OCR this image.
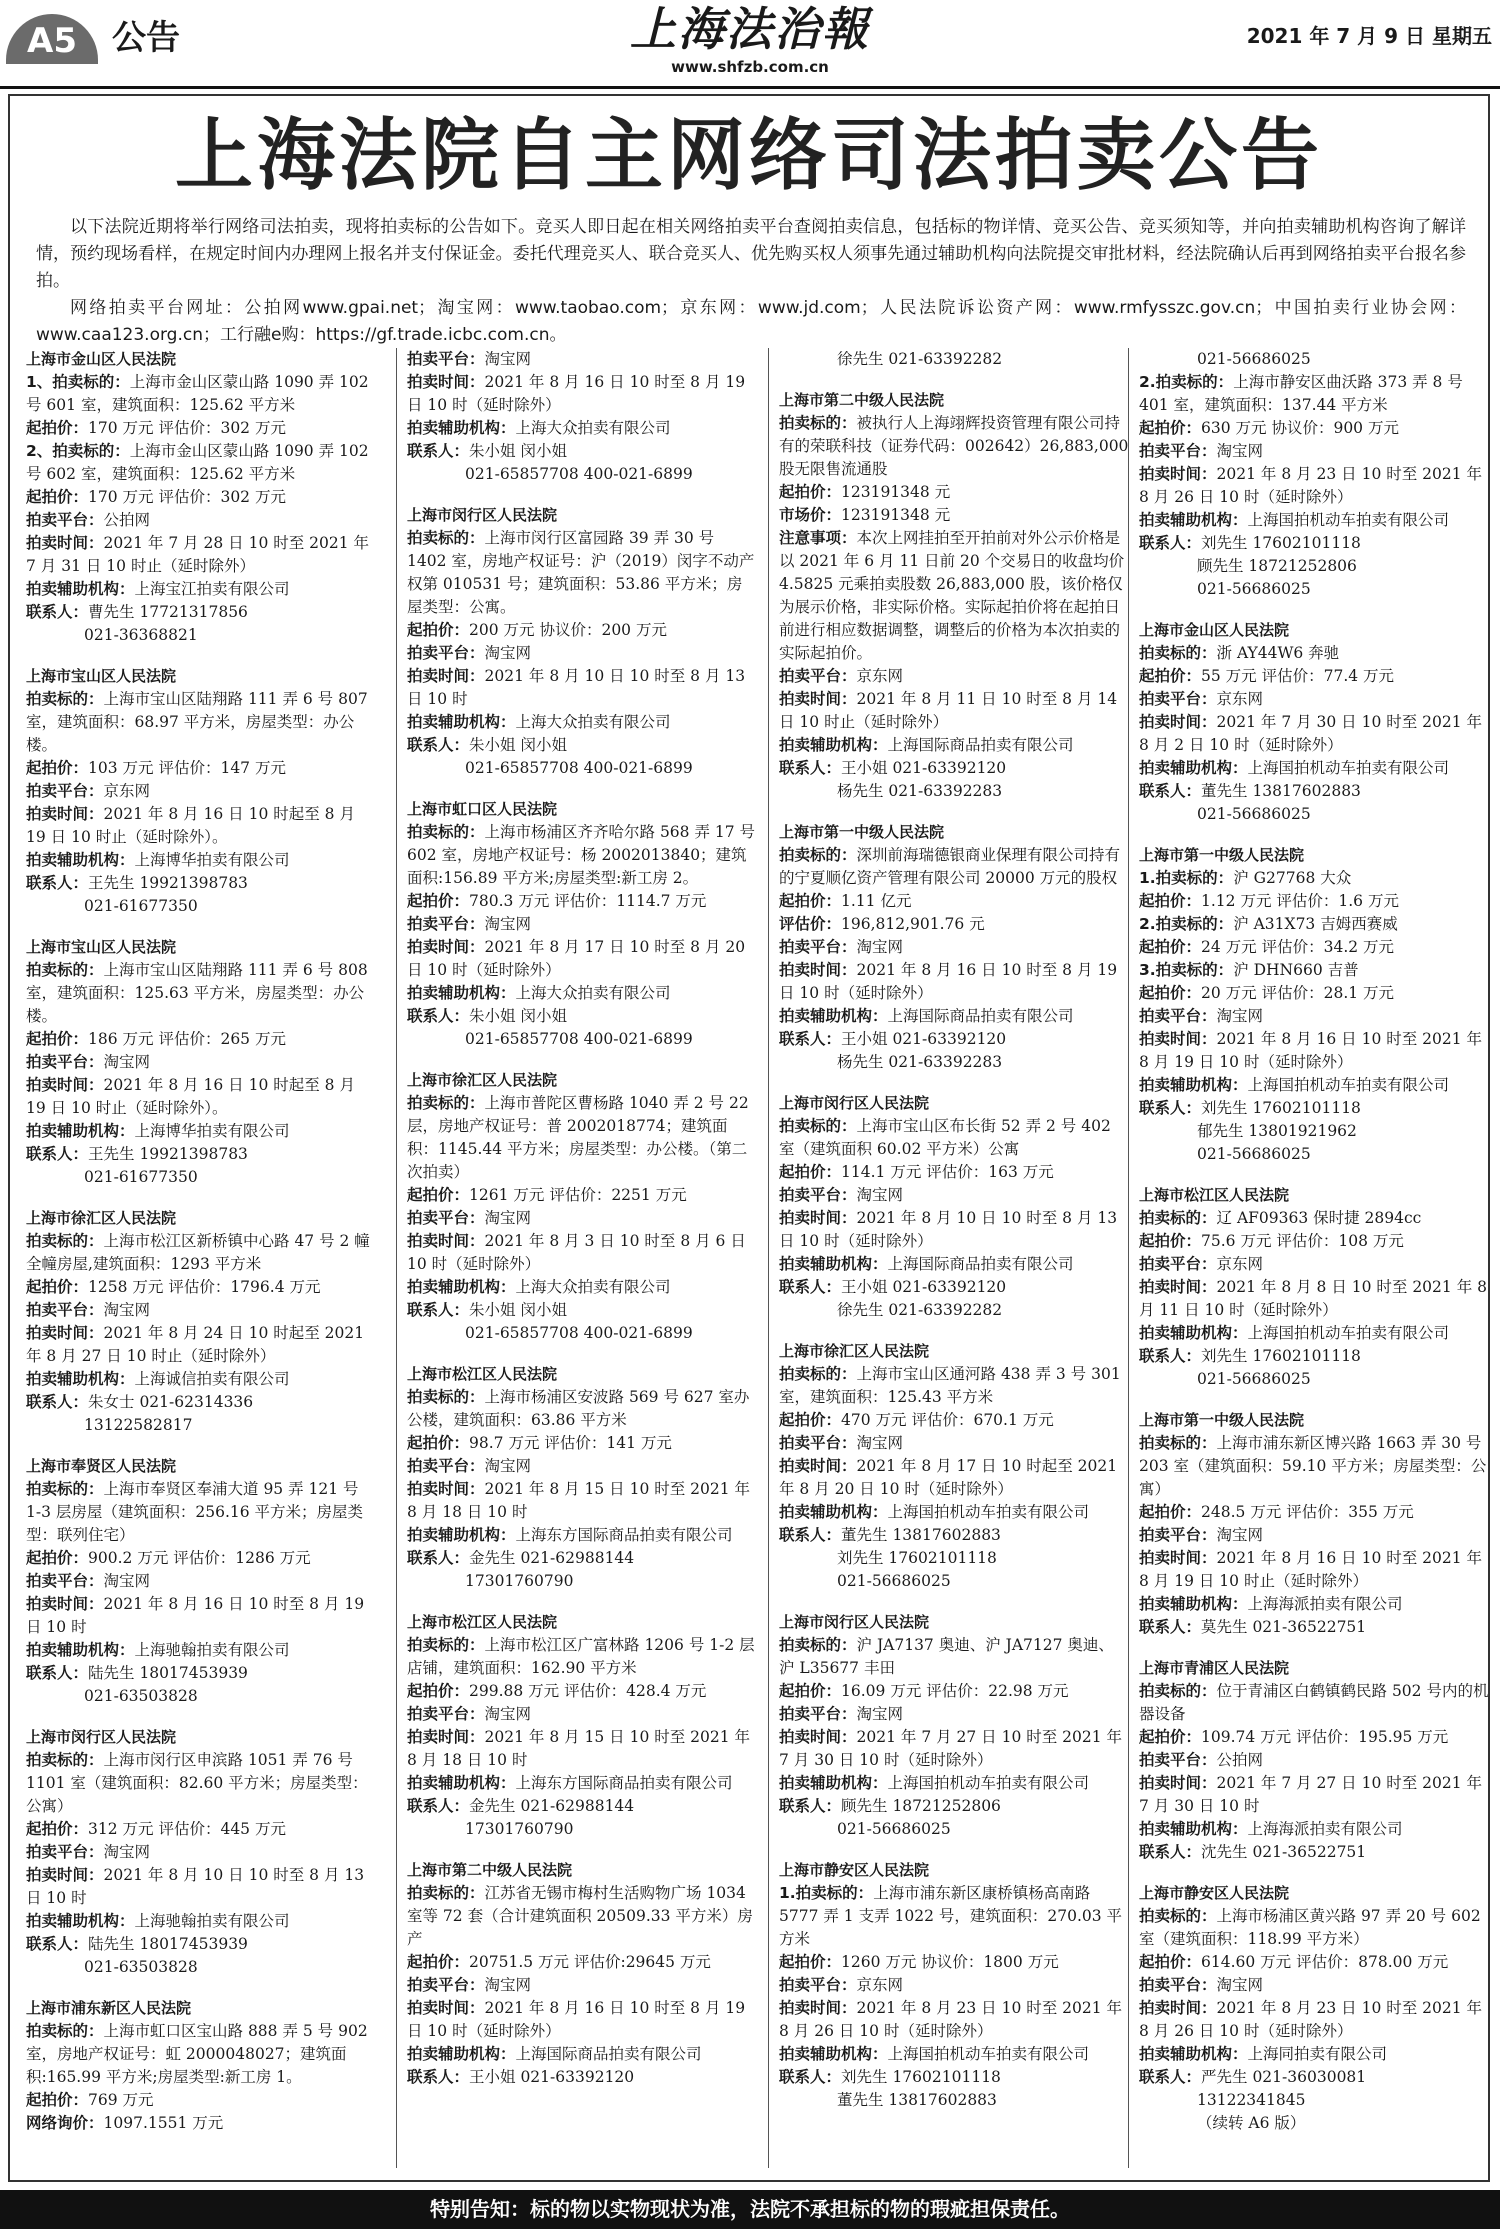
A5	公告	上海法治報
www.shfzb.com.cn
2021 年 7 月 9 日 星期五
上海法院自主网络司法拍卖公告

以下法院近期将举行网络司法拍卖，现将拍卖标的公告如下。竞买人即日起在相关网络拍卖平台查阅拍卖信息，包括标的物详情、竞买公告、竞买须知等，并向拍卖辅助机构咨询了解详情，预约现场看样，在规定时间内办理网上报名并支付保证金。委托代理竞买人、联合竞买人、优先购买权人须事先通过辅助机构向法院提交审批材料，经法院确认后再到网络拍卖平台报名参拍。

网络拍卖平台网址：公拍网www.gpai.net；淘宝网：www.taobao.com；京东网：www.jd.com；人民法院诉讼资产网：www.rmfysszc.gov.cn；中国拍卖行业协会网：www.caa123.org.cn；工行融e购：https://gf.trade.icbc.com.cn。

上海市金山区人民法院
1、拍卖标的：上海市金山区蒙山路 1090 弄 102 号 601 室，建筑面积：125.62 平方米
起拍价：170 万元 评估价：302 万元
2、拍卖标的：上海市金山区蒙山路 1090 弄 102 号 602 室，建筑面积：125.62 平方米
起拍价：170 万元 评估价：302 万元
拍卖平台：公拍网
拍卖时间：2021 年 7 月 28 日 10 时至 2021 年 7 月 31 日 10 时止（延时除外）
拍卖辅助机构：上海宝江拍卖有限公司
联系人：曹先生 17721317856
021-36368821
上海市宝山区人民法院
拍卖标的：上海市宝山区陆翔路 111 弄 6 号 807 室，建筑面积：68.97 平方米，房屋类型：办公楼。
起拍价：103 万元 评估价：147 万元
拍卖平台：京东网
拍卖时间：2021 年 8 月 16 日 10 时起至 8 月 19 日 10 时止（延时除外）。
拍卖辅助机构：上海博华拍卖有限公司
联系人：王先生 19921398783
021-61677350
上海市宝山区人民法院
拍卖标的：上海市宝山区陆翔路 111 弄 6 号 808 室，建筑面积：125.63 平方米，房屋类型：办公楼。
起拍价：186 万元 评估价：265 万元
拍卖平台：淘宝网
拍卖时间：2021 年 8 月 16 日 10 时起至 8 月 19 日 10 时止（延时除外）。
拍卖辅助机构：上海博华拍卖有限公司
联系人：王先生 19921398783
021-61677350
上海市徐汇区人民法院
拍卖标的：上海市松江区新桥镇中心路 47 号 2 幢全幢房屋,建筑面积：1293 平方米
起拍价：1258 万元 评估价：1796.4 万元
拍卖平台：淘宝网
拍卖时间：2021 年 8 月 24 日 10 时起至 2021 年 8 月 27 日 10 时止（延时除外）
拍卖辅助机构：上海诚信拍卖有限公司
联系人：朱女士 021-62314336
13122582817
上海市奉贤区人民法院
拍卖标的：上海市奉贤区奉浦大道 95 弄 121 号 1-3 层房屋（建筑面积：256.16 平方米；房屋类型：联列住宅）
起拍价：900.2 万元 评估价：1286 万元
拍卖平台：淘宝网
拍卖时间：2021 年 8 月 16 日 10 时至 8 月 19 日 10 时
拍卖辅助机构：上海驰翰拍卖有限公司
联系人：陆先生 18017453939
021-63503828
上海市闵行区人民法院
拍卖标的：上海市闵行区申滨路 1051 弄 76 号 1101 室（建筑面积：82.60 平方米；房屋类型：公寓）
起拍价：312 万元 评估价：445 万元
拍卖平台：淘宝网
拍卖时间：2021 年 8 月 10 日 10 时至 8 月 13 日 10 时
拍卖辅助机构：上海驰翰拍卖有限公司
联系人：陆先生 18017453939
021-63503828
上海市浦东新区人民法院
拍卖标的：上海市虹口区宝山路 888 弄 5 号 902 室，房地产权证号：虹 2000048027；建筑面积:165.99 平方米;房屋类型:新工房 1。
起拍价：769 万元
网络询价：1097.1551 万元
拍卖平台：淘宝网
拍卖时间：2021 年 8 月 16 日 10 时至 8 月 19 日 10 时（延时除外）
拍卖辅助机构：上海大众拍卖有限公司
联系人：朱小姐 闵小姐
021-65857708 400-021-6899
上海市闵行区人民法院
拍卖标的：上海市闵行区富园路 39 弄 30 号 1402 室，房地产权证号：沪（2019）闵字不动产权第 010531 号；建筑面积：53.86 平方米；房屋类型：公寓。
起拍价：200 万元 协议价：200 万元
拍卖平台：淘宝网
拍卖时间：2021 年 8 月 10 日 10 时至 8 月 13 日 10 时
拍卖辅助机构：上海大众拍卖有限公司
联系人：朱小姐 闵小姐
021-65857708 400-021-6899
上海市虹口区人民法院
拍卖标的：上海市杨浦区齐齐哈尔路 568 弄 17 号 602 室，房地产权证号：杨 2002013840；建筑面积:156.89 平方米;房屋类型:新工房 2。
起拍价：780.3 万元 评估价：1114.7 万元
拍卖平台：淘宝网
拍卖时间：2021 年 8 月 17 日 10 时至 8 月 20 日 10 时（延时除外）
拍卖辅助机构：上海大众拍卖有限公司
联系人：朱小姐 闵小姐
021-65857708 400-021-6899
上海市徐汇区人民法院
拍卖标的：上海市普陀区曹杨路 1040 弄 2 号 22 层，房地产权证号：普 2002018774；建筑面积：1145.44 平方米；房屋类型：办公楼。（第二次拍卖）
起拍价：1261 万元 评估价：2251 万元
拍卖平台：淘宝网
拍卖时间：2021 年 8 月 3 日 10 时至 8 月 6 日 10 时（延时除外）
拍卖辅助机构：上海大众拍卖有限公司
联系人：朱小姐 闵小姐
021-65857708 400-021-6899
上海市松江区人民法院
拍卖标的：上海市杨浦区安波路 569 号 627 室办公楼，建筑面积：63.86 平方米
起拍价：98.7 万元 评估价：141 万元
拍卖平台：淘宝网
拍卖时间：2021 年 8 月 15 日 10 时至 2021 年 8 月 18 日 10 时
拍卖辅助机构：上海东方国际商品拍卖有限公司
联系人：金先生 021-62988144
17301760790
上海市松江区人民法院
拍卖标的：上海市松江区广富林路 1206 号 1-2 层店铺，建筑面积：162.90 平方米
起拍价：299.88 万元 评估价：428.4 万元
拍卖平台：淘宝网
拍卖时间：2021 年 8 月 15 日 10 时至 2021 年 8 月 18 日 10 时
拍卖辅助机构：上海东方国际商品拍卖有限公司
联系人：金先生 021-62988144
17301760790
上海市第二中级人民法院
拍卖标的：江苏省无锡市梅村生活购物广场 1034 室等 72 套（合计建筑面积 20509.33 平方米）房产
起拍价：20751.5 万元 评估价:29645 万元
拍卖平台：淘宝网
拍卖时间：2021 年 8 月 16 日 10 时至 8 月 19 日 10 时（延时除外）
拍卖辅助机构：上海国际商品拍卖有限公司
联系人：王小姐 021-63392120
徐先生 021-63392282
上海市第二中级人民法院
拍卖标的：被执行人上海翊辉投资管理有限公司持有的荣联科技（证券代码：002642）26,883,000 股无限售流通股
起拍价：123191348 元
市场价：123191348 元
注意事项：本次上网挂拍至开拍前对外公示价格是以 2021 年 6 月 11 日前 20 个交易日的收盘均价 4.5825 元乘拍卖股数 26,883,000 股，该价格仅为展示价格，非实际价格。实际起拍价将在起拍日前进行相应数据调整，调整后的价格为本次拍卖的实际起拍价。
拍卖平台：京东网
拍卖时间：2021 年 8 月 11 日 10 时至 8 月 14 日 10 时止（延时除外）
拍卖辅助机构：上海国际商品拍卖有限公司
联系人：王小姐 021-63392120
杨先生 021-63392283
上海市第一中级人民法院
拍卖标的：深圳前海瑞德银商业保理有限公司持有的宁夏顺亿资产管理有限公司 20000 万元的股权
起拍价：1.11 亿元
评估价：196,812,901.76 元
拍卖平台：淘宝网
拍卖时间：2021 年 8 月 16 日 10 时至 8 月 19 日 10 时（延时除外）
拍卖辅助机构：上海国际商品拍卖有限公司
联系人：王小姐 021-63392120
杨先生 021-63392283
上海市闵行区人民法院
拍卖标的：上海市宝山区布长街 52 弄 2 号 402 室（建筑面积 60.02 平方米）公寓
起拍价：114.1 万元 评估价：163 万元
拍卖平台：淘宝网
拍卖时间：2021 年 8 月 10 日 10 时至 8 月 13 日 10 时（延时除外）
拍卖辅助机构：上海国际商品拍卖有限公司
联系人：王小姐 021-63392120
徐先生 021-63392282
上海市徐汇区人民法院
拍卖标的：上海市宝山区通河路 438 弄 3 号 301 室，建筑面积：125.43 平方米
起拍价：470 万元 评估价：670.1 万元
拍卖平台：淘宝网
拍卖时间：2021 年 8 月 17 日 10 时起至 2021 年 8 月 20 日 10 时（延时除外）
拍卖辅助机构：上海国拍机动车拍卖有限公司
联系人：董先生 13817602883
刘先生 17602101118
021-56686025
上海市闵行区人民法院
拍卖标的：沪 JA7137 奥迪、沪 JA7127 奥迪、沪 L35677 丰田
起拍价：16.09 万元 评估价：22.98 万元
拍卖平台：淘宝网
拍卖时间：2021 年 7 月 27 日 10 时至 2021 年 7 月 30 日 10 时（延时除外）
拍卖辅助机构：上海国拍机动车拍卖有限公司
联系人：顾先生 18721252806
021-56686025
上海市静安区人民法院
1.拍卖标的：上海市浦东新区康桥镇杨高南路 5777 弄 1 支弄 1022 号，建筑面积：270.03 平方米
起拍价：1260 万元 协议价：1800 万元
拍卖平台：京东网
拍卖时间：2021 年 8 月 23 日 10 时至 2021 年 8 月 26 日 10 时（延时除外）
拍卖辅助机构：上海国拍机动车拍卖有限公司
联系人：刘先生 17602101118
董先生 13817602883
021-56686025
2.拍卖标的：上海市静安区曲沃路 373 弄 8 号 401 室，建筑面积：137.44 平方米
起拍价：630 万元 协议价：900 万元
拍卖平台：淘宝网
拍卖时间：2021 年 8 月 23 日 10 时至 2021 年 8 月 26 日 10 时（延时除外）
拍卖辅助机构：上海国拍机动车拍卖有限公司
联系人：刘先生 17602101118
顾先生 18721252806
021-56686025
上海市金山区人民法院
拍卖标的：浙 AY44W6 奔驰
起拍价：55 万元 评估价：77.4 万元
拍卖平台：京东网
拍卖时间：2021 年 7 月 30 日 10 时至 2021 年 8 月 2 日 10 时（延时除外）
拍卖辅助机构：上海国拍机动车拍卖有限公司
联系人：董先生 13817602883
021-56686025
上海市第一中级人民法院
1.拍卖标的：沪 G27768 大众
起拍价：1.12 万元 评估价：1.6 万元
2.拍卖标的：沪 A31X73 吉姆西赛威
起拍价：24 万元 评估价：34.2 万元
3.拍卖标的：沪 DHN660 吉普
起拍价：20 万元 评估价：28.1 万元
拍卖平台：淘宝网
拍卖时间：2021 年 8 月 16 日 10 时至 2021 年 8 月 19 日 10 时（延时除外）
拍卖辅助机构：上海国拍机动车拍卖有限公司
联系人：刘先生 17602101118
郁先生 13801921962
021-56686025
上海市松江区人民法院
拍卖标的：辽 AF09363 保时捷 2894cc
起拍价：75.6 万元 评估价：108 万元
拍卖平台：京东网
拍卖时间：2021 年 8 月 8 日 10 时至 2021 年 8 月 11 日 10 时（延时除外）
拍卖辅助机构：上海国拍机动车拍卖有限公司
联系人：刘先生 17602101118
021-56686025
上海市第一中级人民法院
拍卖标的：上海市浦东新区博兴路 1663 弄 30 号 203 室（建筑面积：59.10 平方米；房屋类型：公寓）
起拍价：248.5 万元 评估价：355 万元
拍卖平台：淘宝网
拍卖时间：2021 年 8 月 16 日 10 时至 2021 年 8 月 19 日 10 时止（延时除外）
拍卖辅助机构：上海海派拍卖有限公司
联系人：莫先生 021-36522751
上海市青浦区人民法院
拍卖标的：位于青浦区白鹤镇鹤民路 502 号内的机器设备
起拍价：109.74 万元 评估价：195.95 万元
拍卖平台：公拍网
拍卖时间：2021 年 7 月 27 日 10 时至 2021 年 7 月 30 日 10 时
拍卖辅助机构：上海海派拍卖有限公司
联系人：沈先生 021-36522751
上海市静安区人民法院
拍卖标的：上海市杨浦区黄兴路 97 弄 20 号 602 室（建筑面积：118.99 平方米）
起拍价：614.60 万元 评估价：878.00 万元
拍卖平台：淘宝网
拍卖时间：2021 年 8 月 23 日 10 时至 2021 年 8 月 26 日 10 时（延时除外）
拍卖辅助机构：上海同拍卖有限公司
联系人：严先生 021-36030081
13122341845
（续转 A6 版）
特别告知：标的物以实物现状为准，法院不承担标的物的瑕疵担保责任。
